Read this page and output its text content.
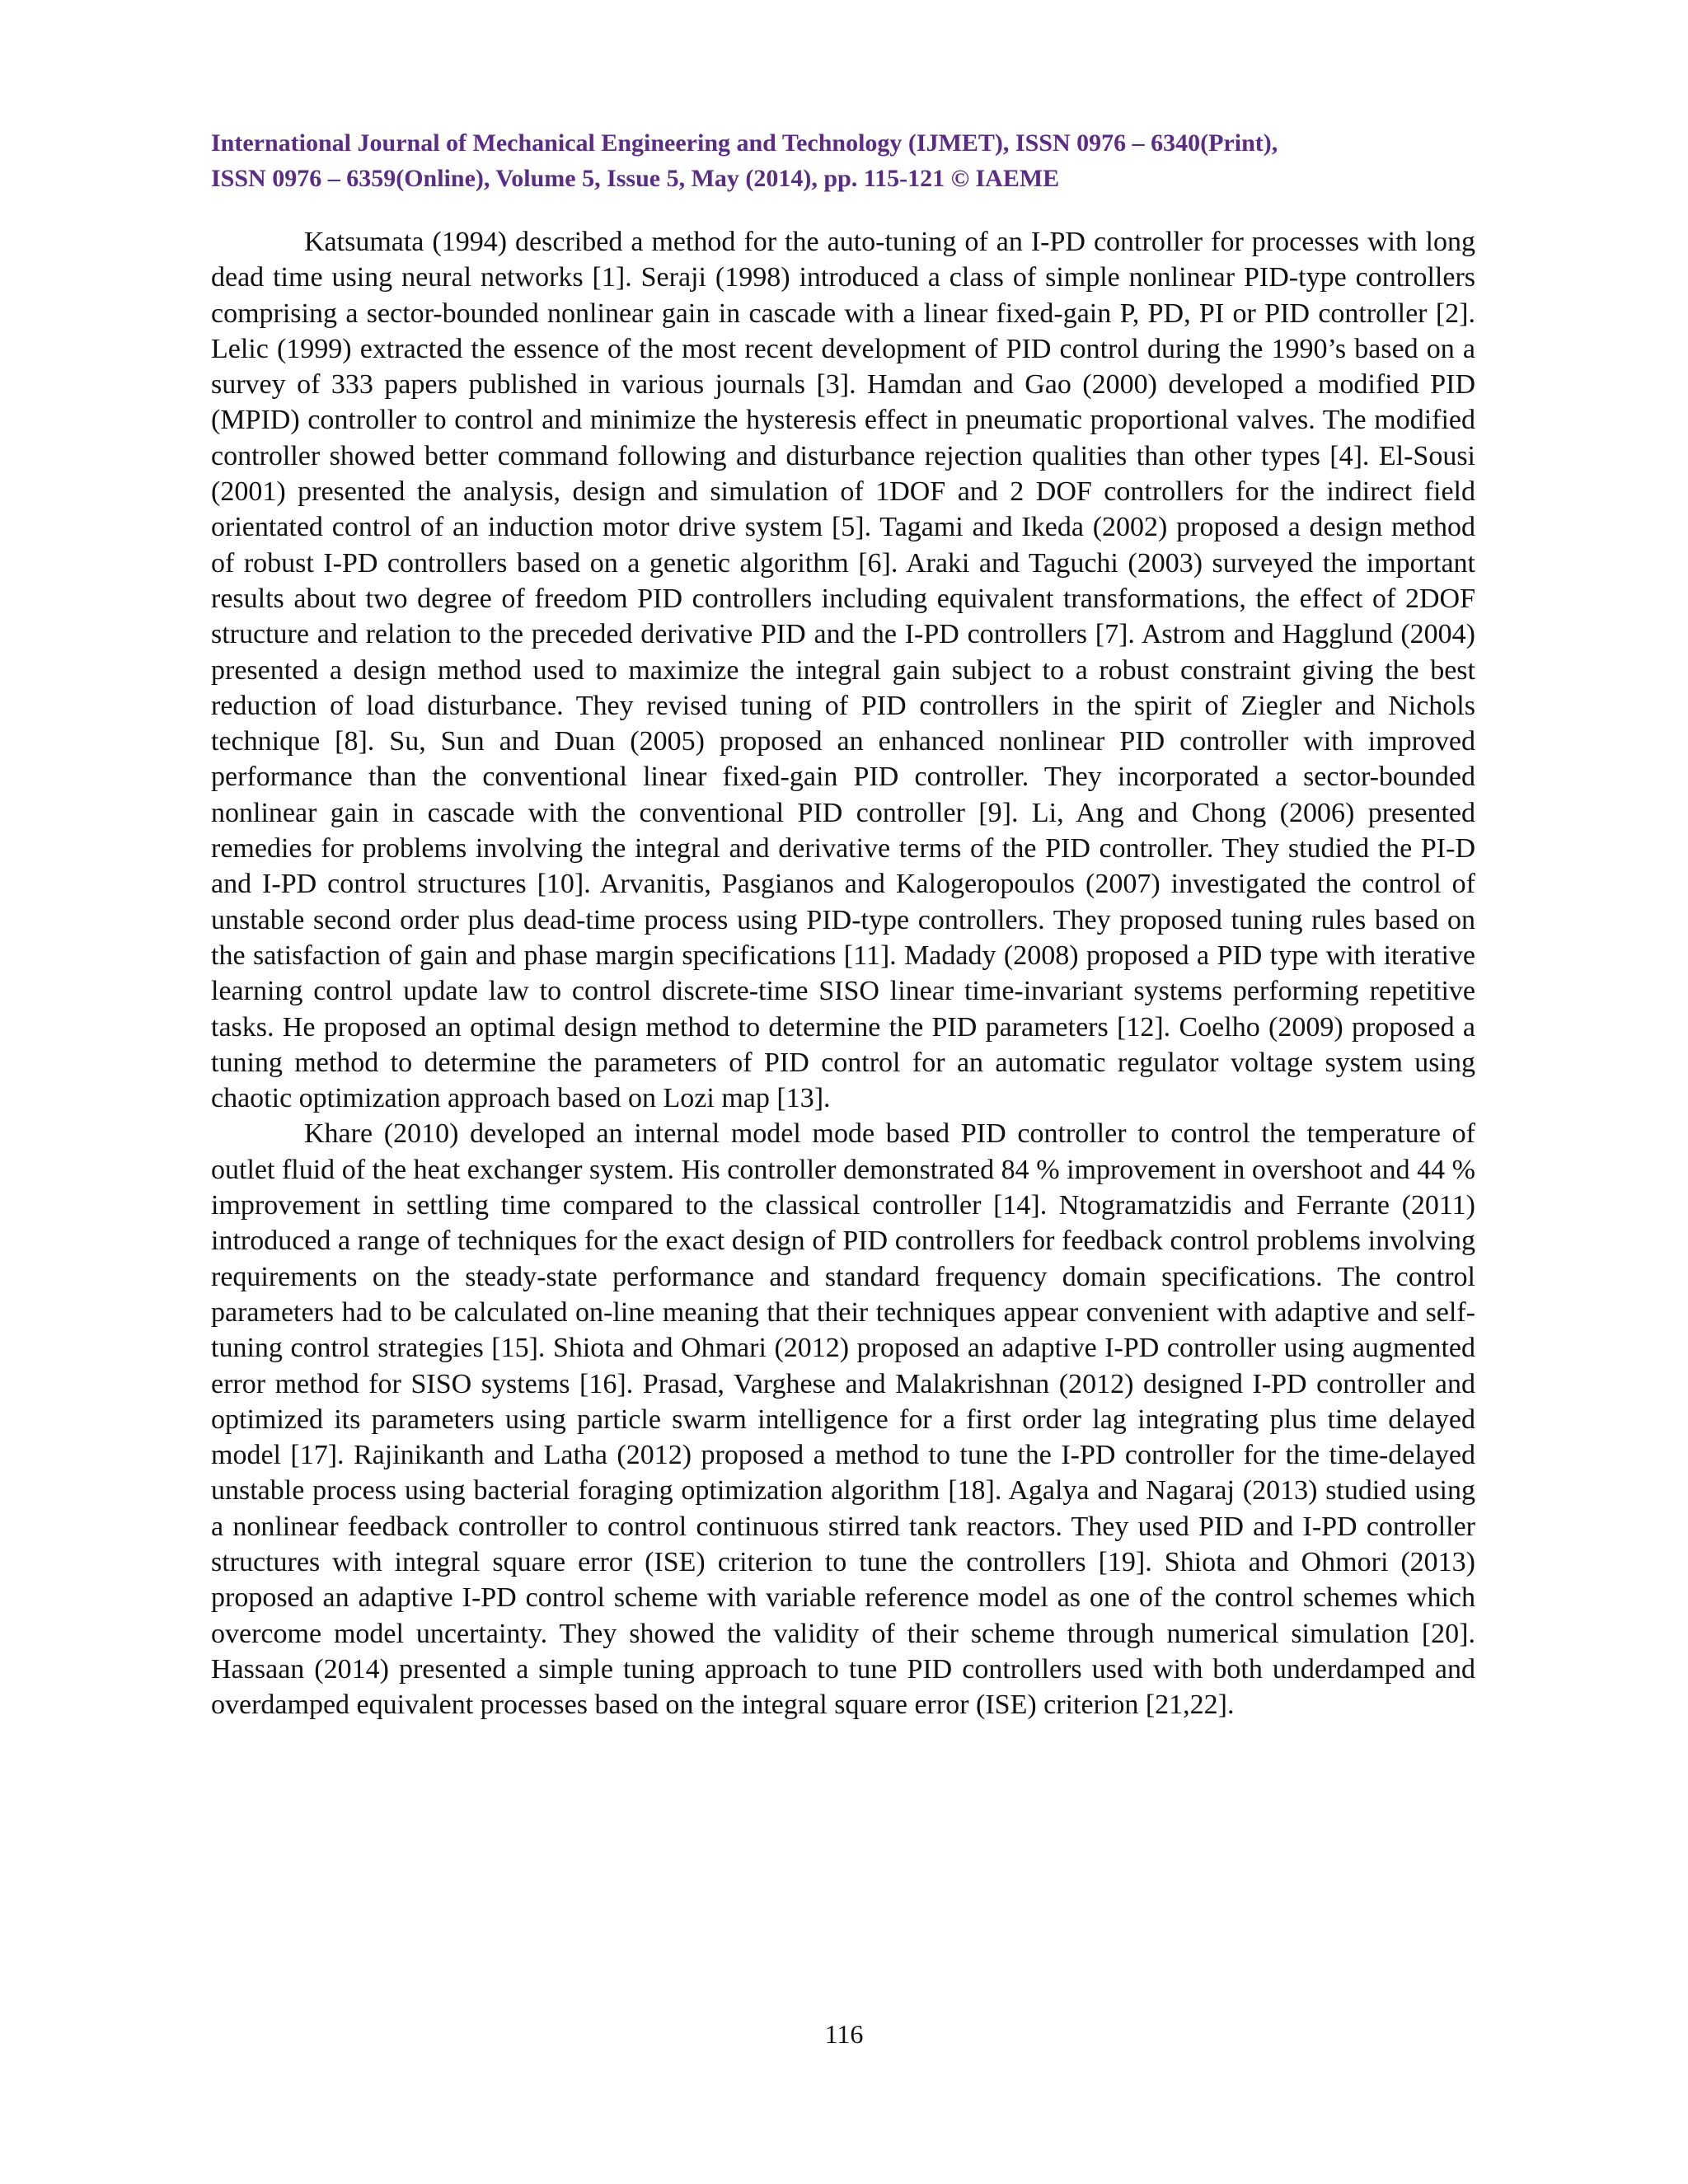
International Journal of Mechanical Engineering and Technology (IJMET), ISSN 0976 – 6340(Print),
ISSN 0976 – 6359(Online), Volume 5, Issue 5, May (2014), pp. 115-121 © IAEME

Katsumata (1994) described a method for the auto-tuning of an I-PD controller for processes with long dead time using neural networks [1]. Seraji (1998) introduced a class of simple nonlinear PID-type controllers comprising a sector-bounded nonlinear gain in cascade with a linear fixed-gain P, PD, PI or PID controller [2]. Lelic (1999) extracted the essence of the most recent development of PID control during the 1990’s based on a survey of 333 papers published in various journals [3]. Hamdan and Gao (2000) developed a modified PID (MPID) controller to control and minimize the hysteresis effect in pneumatic proportional valves. The modified controller showed better command following and disturbance rejection qualities than other types [4]. El-Sousi (2001) presented the analysis, design and simulation of 1DOF and 2 DOF controllers for the indirect field orientated control of an induction motor drive system [5]. Tagami and Ikeda (2002) proposed a design method of robust I-PD controllers based on a genetic algorithm [6]. Araki and Taguchi (2003) surveyed the important results about two degree of freedom PID controllers including equivalent transformations, the effect of 2DOF structure and relation to the preceded derivative PID and the I-PD controllers [7]. Astrom and Hagglund (2004) presented a design method used to maximize the integral gain subject to a robust constraint giving the best reduction of load disturbance. They revised tuning of PID controllers in the spirit of Ziegler and Nichols technique [8]. Su, Sun and Duan (2005) proposed an enhanced nonlinear PID controller with improved performance than the conventional linear fixed-gain PID controller. They incorporated a sector-bounded nonlinear gain in cascade with the conventional PID controller [9]. Li, Ang and Chong (2006) presented remedies for problems involving the integral and derivative terms of the PID controller. They studied the PI-D and I-PD control structures [10]. Arvanitis, Pasgianos and Kalogeropoulos (2007) investigated the control of unstable second order plus dead-time process using PID-type controllers. They proposed tuning rules based on the satisfaction of gain and phase margin specifications [11]. Madady (2008) proposed a PID type with iterative learning control update law to control discrete-time SISO linear time-invariant systems performing repetitive tasks. He proposed an optimal design method to determine the PID parameters [12]. Coelho (2009) proposed a tuning method to determine the parameters of PID control for an automatic regulator voltage system using chaotic optimization approach based on Lozi map [13].

Khare (2010) developed an internal model mode based PID controller to control the temperature of outlet fluid of the heat exchanger system. His controller demonstrated 84 % improvement in overshoot and 44 % improvement in settling time compared to the classical controller [14]. Ntogramatzidis and Ferrante (2011) introduced a range of techniques for the exact design of PID controllers for feedback control problems involving requirements on the steady-state performance and standard frequency domain specifications. The control parameters had to be calculated on-line meaning that their techniques appear convenient with adaptive and self-tuning control strategies [15]. Shiota and Ohmari (2012) proposed an adaptive I-PD controller using augmented error method for SISO systems [16]. Prasad, Varghese and Malakrishnan (2012) designed I-PD controller and optimized its parameters using particle swarm intelligence for a first order lag integrating plus time delayed model [17]. Rajinikanth and Latha (2012) proposed a method to tune the I-PD controller for the time-delayed unstable process using bacterial foraging optimization algorithm [18]. Agalya and Nagaraj (2013) studied using a nonlinear feedback controller to control continuous stirred tank reactors. They used PID and I-PD controller structures with integral square error (ISE) criterion to tune the controllers [19]. Shiota and Ohmori (2013) proposed an adaptive I-PD control scheme with variable reference model as one of the control schemes which overcome model uncertainty. They showed the validity of their scheme through numerical simulation [20]. Hassaan (2014) presented a simple tuning approach to tune PID controllers used with both underdamped and overdamped equivalent processes based on the integral square error (ISE) criterion [21,22].

116
